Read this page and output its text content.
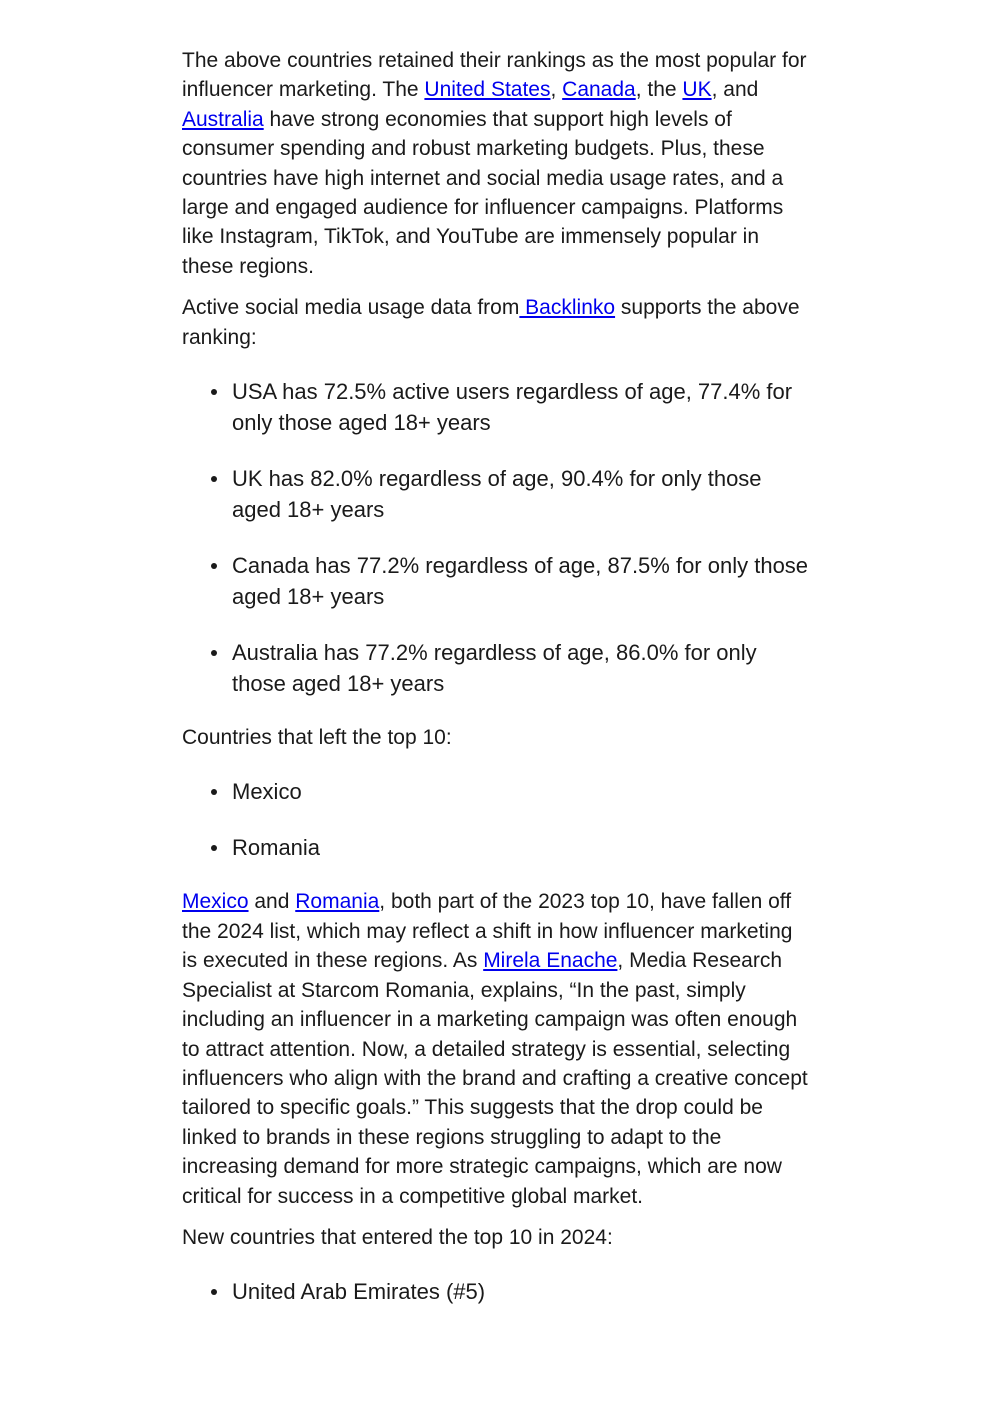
The above countries retained their rankings as the most popular for influencer marketing. The United States, Canada, the UK, and Australia have strong economies that support high levels of consumer spending and robust marketing budgets. Plus, these countries have high internet and social media usage rates, and a large and engaged audience for influencer campaigns. Platforms like Instagram, TikTok, and YouTube are immensely popular in these regions.

Active social media usage data from Backlinko supports the above ranking:

USA has 72.5% active users regardless of age, 77.4% for only those aged 18+ years
UK has 82.0% regardless of age, 90.4% for only those aged 18+ years
Canada has 77.2% regardless of age, 87.5% for only those aged 18+ years
Australia has 77.2% regardless of age, 86.0% for only those aged 18+ years

Countries that left the top 10:

Mexico
Romania

Mexico and Romania, both part of the 2023 top 10, have fallen off the 2024 list, which may reflect a shift in how influencer marketing is executed in these regions. As Mirela Enache, Media Research Specialist at Starcom Romania, explains, “In the past, simply including an influencer in a marketing campaign was often enough to attract attention. Now, a detailed strategy is essential, selecting influencers who align with the brand and crafting a creative concept tailored to specific goals.” This suggests that the drop could be linked to brands in these regions struggling to adapt to the increasing demand for more strategic campaigns, which are now critical for success in a competitive global market.

New countries that entered the top 10 in 2024:

United Arab Emirates (#5)
